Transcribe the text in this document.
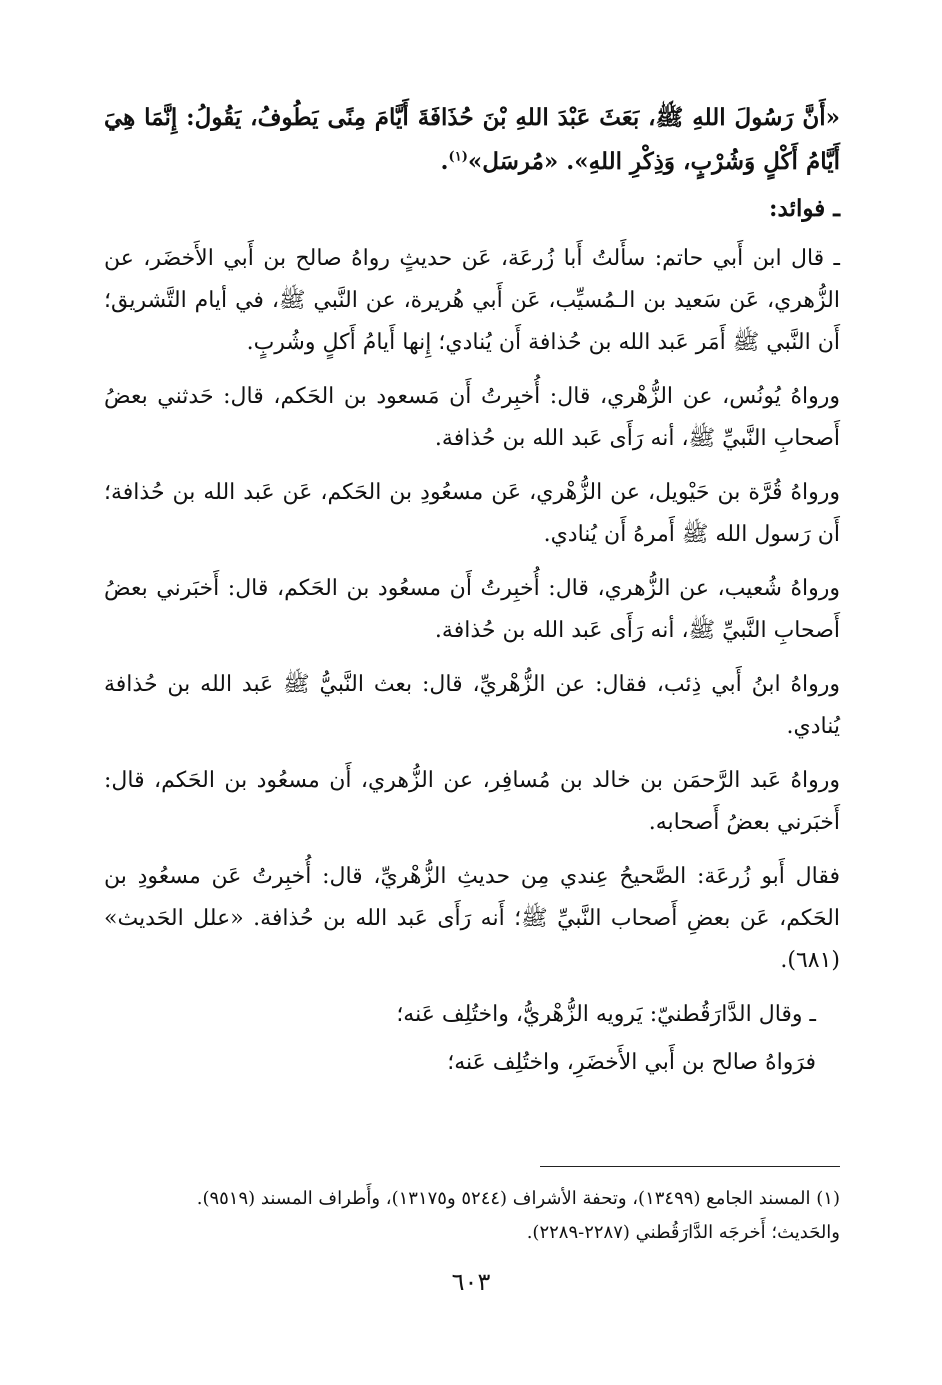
«أَنَّ رَسُولَ اللهِ ﷺ، بَعَثَ عَبْدَ اللهِ بْنَ حُذَافَةَ أَيَّامَ مِنًى يَطُوفُ، يَقُولُ: إِنَّمَا هِيَ أَيَّامُ أَكْلٍ وَشُرْبٍ، وَذِكْرِ اللهِ». «مُرسَل»$^{(١)}$.

ـ فوائد:

ـ قال ابن أَبي حاتم: سأَلتُ أَبا زُرعَة، عَن حديثٍ رواهُ صالح بن أَبي الأَخضَر، عن الزُّهري، عَن سَعيد بن الـمُسيِّب، عَن أَبي هُريرة، عن النَّبي ﷺ، في أيام التَّشريق؛ أَن النَّبي ﷺ أَمَر عَبد الله بن حُذافة أَن يُنادي؛ إِنها أَيامُ أَكلٍ وشُربٍ.

ورواهُ يُونُس، عن الزُّهْري، قال: أُخبِرتُ أَن مَسعود بن الحَكم، قال: حَدثني بعضُ أَصحابِ النَّبيِّ ﷺ، أنه رَأَى عَبد الله بن حُذافة.

ورواهُ قُرَّة بن حَيْويل، عن الزُّهْري، عَن مسعُودِ بن الحَكم، عَن عَبد الله بن حُذافة؛ أَن رَسول الله ﷺ أَمرهُ أَن يُنادي.

ورواهُ شُعيب، عن الزُّهري، قال: أُخبِرتُ أَن مسعُود بن الحَكم، قال: أَخبَرني بعضُ أَصحابِ النَّبيِّ ﷺ، أنه رَأَى عَبد الله بن حُذافة.

ورواهُ ابنُ أَبي ذِئب، فقال: عن الزُّهْريِّ، قال: بعث النَّبيُّ ﷺ عَبد الله بن حُذافة يُنادي.

ورواهُ عَبد الرَّحمَن بن خالد بن مُسافِر، عن الزُّهري، أَن مسعُود بن الحَكم، قال: أَخبَرني بعضُ أَصحابه.

فقال أَبو زُرعَة: الصَّحيحُ عِندي مِن حديثِ الزُّهْريِّ، قال: أُخبِرتُ عَن مسعُودِ بن الحَكم، عَن بعضِ أَصحاب النَّبيِّ ﷺ؛ أَنه رَأَى عَبد الله بن حُذافة. «علل الحَديث» (٦٨١).

ـ وقال الدَّارَقُطنيّ: يَرويه الزُّهْريُّ، واختُلِف عَنه؛

فرَواهُ صالح بن أَبي الأَخضَرِ، واختُلِف عَنه؛

(١) المسند الجامع (١٣٤٩٩)، وتحفة الأشراف (٥٢٤٤ و١٣١٧٥)، وأَطراف المسند (٩٥١٩).

والحَديث؛ أَخرجَه الدَّارَقُطني (٢٢٨٧-٢٢٨٩).

٦٠٣
